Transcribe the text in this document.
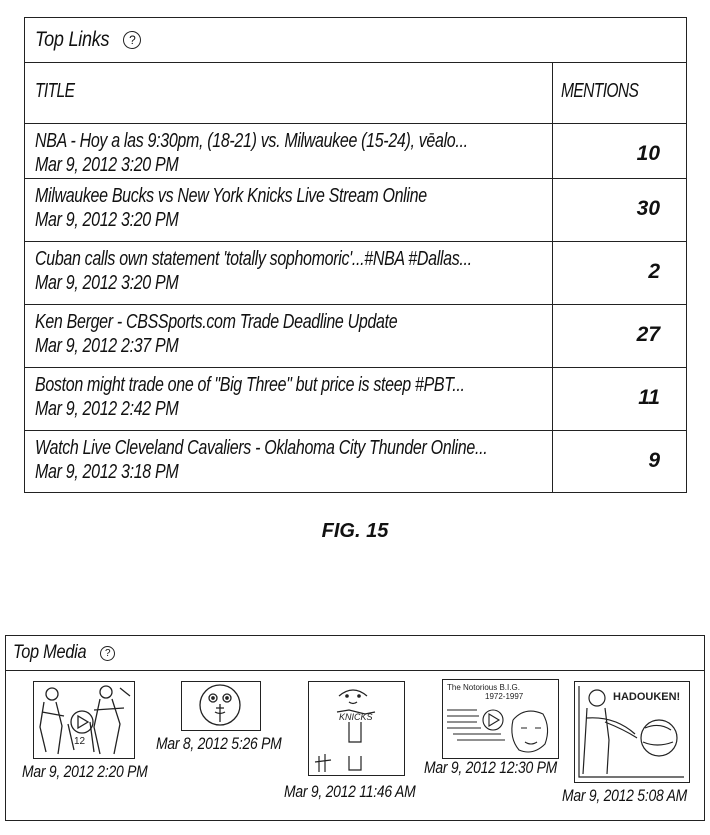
Top Links	?
TITLE	MENTIONS
NBA - Hoy a las 9:30pm, (18-21) vs. Milwaukee (15-24), vēalo...
Mar 9, 2012 3:20 PM	10
Milwaukee Bucks vs New York Knicks Live Stream Online
Mar 9, 2012 3:20 PM	30
Cuban calls own statement 'totally sophomoric'...#NBA #Dallas...
Mar 9, 2012 3:20 PM	2
Ken Berger - CBSSports.com Trade Deadline Update
Mar 9, 2012 2:37 PM	27
Boston might trade one of "Big Three" but price is steep #PBT...
Mar 9, 2012 2:42 PM	11
Watch Live Cleveland Cavaliers - Oklahoma City Thunder Online...
Mar 9, 2012 3:18 PM	9
FIG. 15
Top Media	?
12
Mar 9, 2012 2:20 PM
Mar 8, 2012 5:26 PM
KNICKS
Mar 9, 2012 11:46 AM
The Notorious B.I.G.
1972-1997
Mar 9, 2012 12:30 PM
HADOUKEN!
Mar 9, 2012 5:08 AM
